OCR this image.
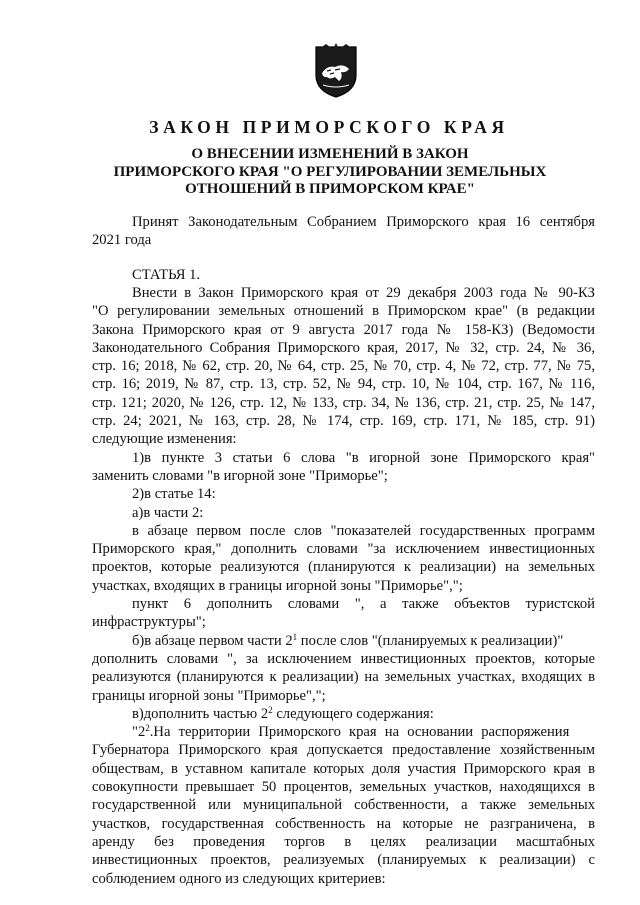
ЗАКОН ПРИМОРСКОГО КРАЯ
О ВНЕСЕНИИ ИЗМЕНЕНИЙ В ЗАКОН
ПРИМОРСКОГО КРАЯ "О РЕГУЛИРОВАНИИ ЗЕМЕЛЬНЫХ
ОТНОШЕНИЙ В ПРИМОРСКОМ КРАЕ"
Принят Законодательным Собранием Приморского края 16 сентября
2021 года
СТАТЬЯ 1.
Внести в Закон Приморского края от 29 декабря 2003 года № 90-КЗ
"О регулировании земельных отношений в Приморском крае" (в редакции
Закона Приморского края от 9 августа 2017 года № 158-КЗ) (Ведомости
Законодательного Собрания Приморского края, 2017, № 32, стр. 24, № 36,
стр. 16; 2018, № 62, стр. 20, № 64, стр. 25, № 70, стр. 4, № 72, стр. 77, № 75,
стр. 16; 2019, № 87, стр. 13, стр. 52, № 94, стр. 10, № 104, стр. 167, № 116,
стр. 121; 2020, № 126, стр. 12, № 133, стр. 34, № 136, стр. 21, стр. 25, № 147,
стр. 24; 2021, № 163, стр. 28, № 174, стр. 169, стр. 171, № 185, стр. 91)
следующие изменения:
1)в пункте 3 статьи 6 слова "в игорной зоне Приморского края"
заменить словами "в игорной зоне "Приморье";
2)в статье 14:
а)в части 2:
в абзаце первом после слов "показателей государственных программ
Приморского края," дополнить словами "за исключением инвестиционных
проектов, которые реализуются (планируются к реализации) на земельных
участках, входящих в границы игорной зоны "Приморье",";
пункт 6 дополнить словами ", а также объектов туристской
инфраструктуры";
б)в абзаце первом части $2^1$ после слов "(планируемых к реализации)"
дополнить словами ", за исключением инвестиционных проектов, которые
реализуются (планируются к реализации) на земельных участках, входящих в
границы игорной зоны "Приморье",";
в)дополнить частью $2^2$ следующего содержания:
"$2^2.На$ территории Приморского края на основании распоряжения
Губернатора Приморского края допускается предоставление хозяйственным
обществам, в уставном капитале которых доля участия Приморского края в
совокупности превышает 50 процентов, земельных участков, находящихся в
государственной или муниципальной собственности, а также земельных
участков, государственная собственность на которые не разграничена, в
аренду без проведения торгов в целях реализации масштабных
инвестиционных проектов, реализуемых (планируемых к реализации) с
соблюдением одного из следующих критериев:
